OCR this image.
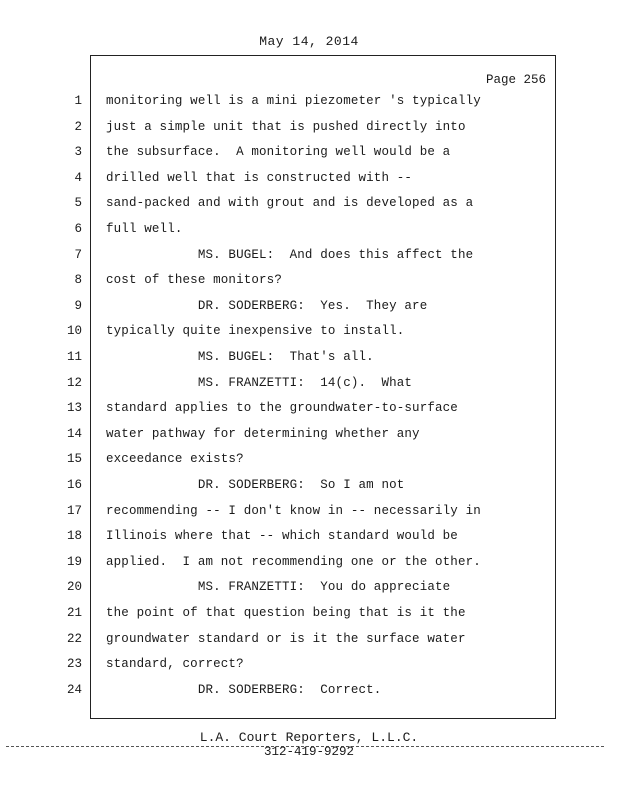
May 14, 2014
Page 256
1 monitoring well is a mini piezometer 's typically
2 just a simple unit that is pushed directly into
3 the subsurface.  A monitoring well would be a
4 drilled well that is constructed with --
5 sand-packed and with grout and is developed as a
6 full well.
7 MS. BUGEL:  And does this affect the
8 cost of these monitors?
9 DR. SODERBERG:  Yes.  They are
10 typically quite inexpensive to install.
11 MS. BUGEL:  That's all.
12 MS. FRANZETTI:  14(c).  What
13 standard applies to the groundwater-to-surface
14 water pathway for determining whether any
15 exceedance exists?
16 DR. SODERBERG:  So I am not
17 recommending -- I don't know in -- necessarily in
18 Illinois where that -- which standard would be
19 applied.  I am not recommending one or the other.
20 MS. FRANZETTI:  You do appreciate
21 the point of that question being that is it the
22 groundwater standard or is it the surface water
23 standard, correct?
24 DR. SODERBERG:  Correct.
L.A. Court Reporters, L.L.C.
312-419-9292
